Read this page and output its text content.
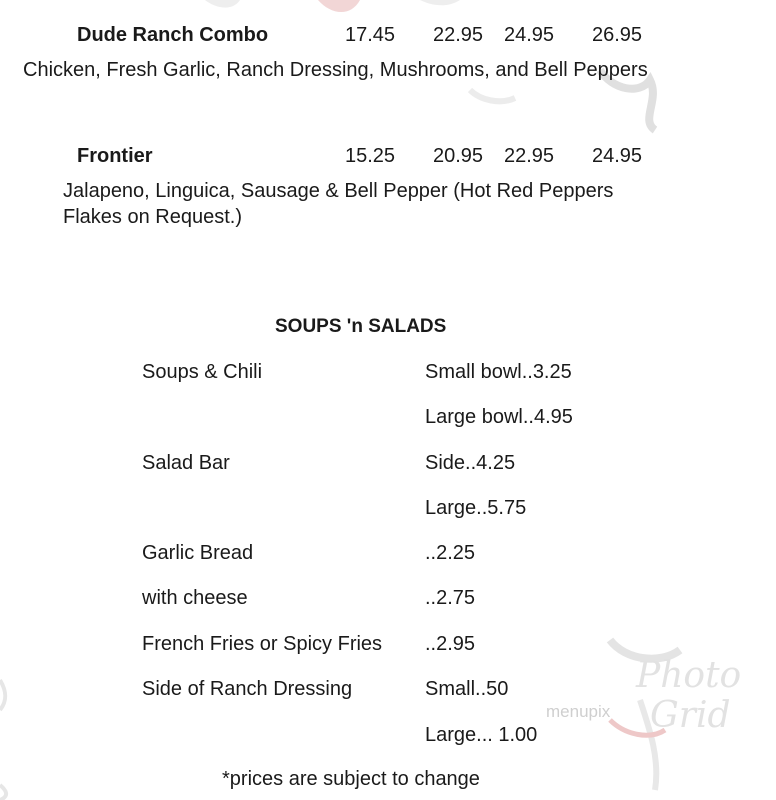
Dude Ranch Combo	17.45 22.95 24.95 26.95
Chicken, Fresh Garlic, Ranch Dressing, Mushrooms, and Bell Peppers
Frontier	15.25 20.95 22.95 24.95
Jalapeno, Linguica, Sausage & Bell Pepper (Hot Red Peppers
Flakes on Request.)
SOUPS 'n SALADS
Soups & Chili	Small bowl..3.25
Large bowl..4.95
Salad Bar	Side..4.25
Large..5.75
Garlic Bread	..2.25
with cheese	..2.75
French Fries or Spicy Fries ..2.95
Side of Ranch Dressing	Small..50
Large... 1.00
Photo
Grid
menupix
*prices are subject to change
